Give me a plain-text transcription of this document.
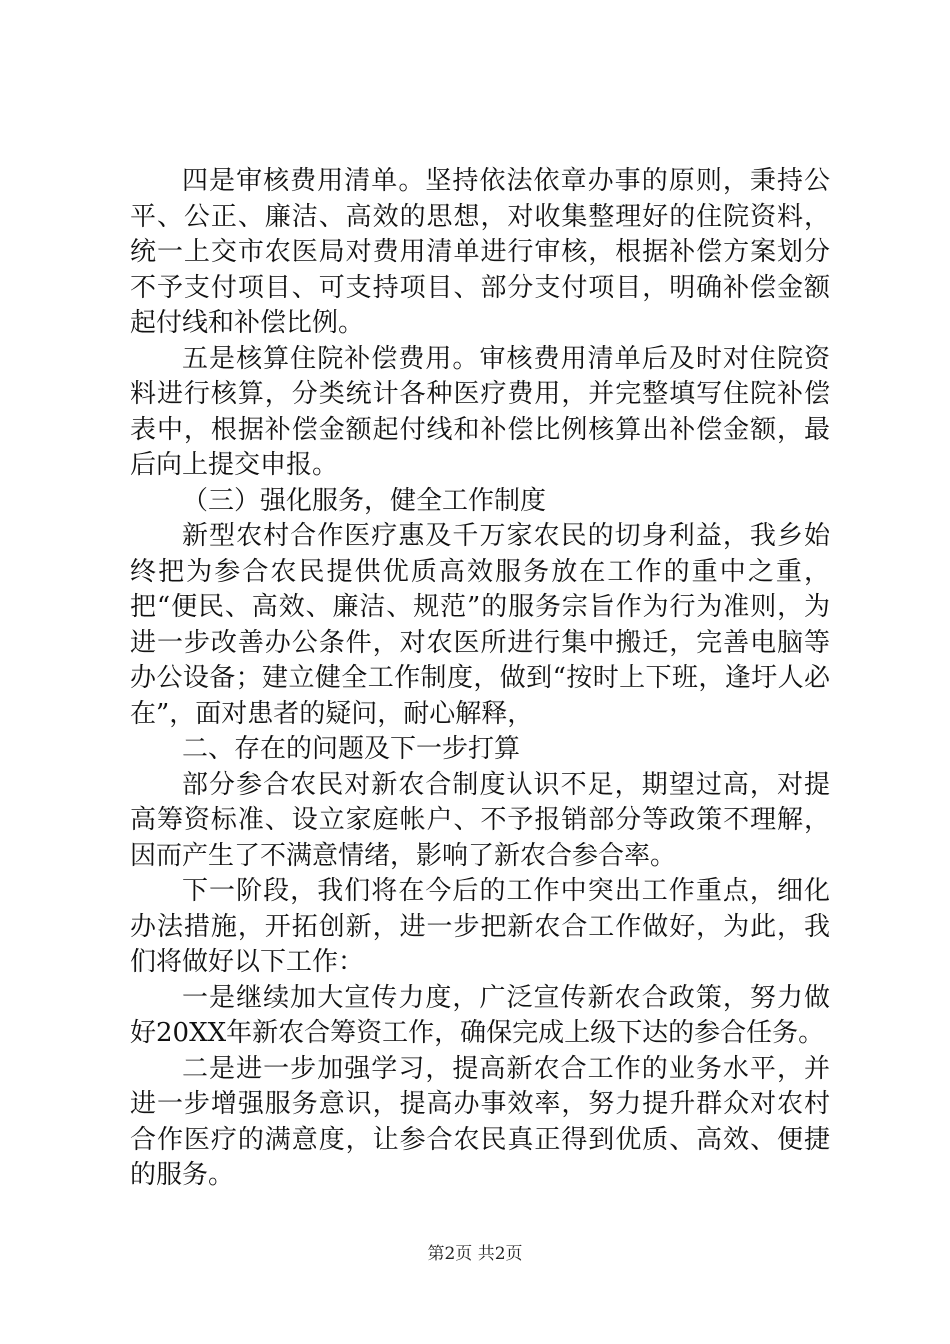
四是审核费用清单。坚持依法依章办事的原则，秉持公平、公正、廉洁、高效的思想，对收集整理好的住院资料，统一上交市农医局对费用清单进行审核，根据补偿方案划分不予支付项目、可支持项目、部分支付项目，明确补偿金额起付线和补偿比例。

五是核算住院补偿费用。审核费用清单后及时对住院资料进行核算，分类统计各种医疗费用，并完整填写住院补偿表中，根据补偿金额起付线和补偿比例核算出补偿金额，最后向上提交申报。

（三）强化服务，健全工作制度

新型农村合作医疗惠及千万家农民的切身利益，我乡始终把为参合农民提供优质高效服务放在工作的重中之重，把“便民、高效、廉洁、规范”的服务宗旨作为行为准则，为进一步改善办公条件，对农医所进行集中搬迁，完善电脑等办公设备；建立健全工作制度，做到“按时上下班，逢圩人必在”，面对患者的疑问，耐心解释，

二、存在的问题及下一步打算

部分参合农民对新农合制度认识不足，期望过高，对提高筹资标准、设立家庭帐户、不予报销部分等政策不理解，因而产生了不满意情绪，影响了新农合参合率。

下一阶段，我们将在今后的工作中突出工作重点，细化办法措施，开拓创新，进一步把新农合工作做好，为此，我们将做好以下工作：

一是继续加大宣传力度，广泛宣传新农合政策，努力做好20XX年新农合筹资工作，确保完成上级下达的参合任务。

二是进一步加强学习，提高新农合工作的业务水平，并进一步增强服务意识，提高办事效率，努力提升群众对农村合作医疗的满意度，让参合农民真正得到优质、高效、便捷的服务。

第2页 共2页
